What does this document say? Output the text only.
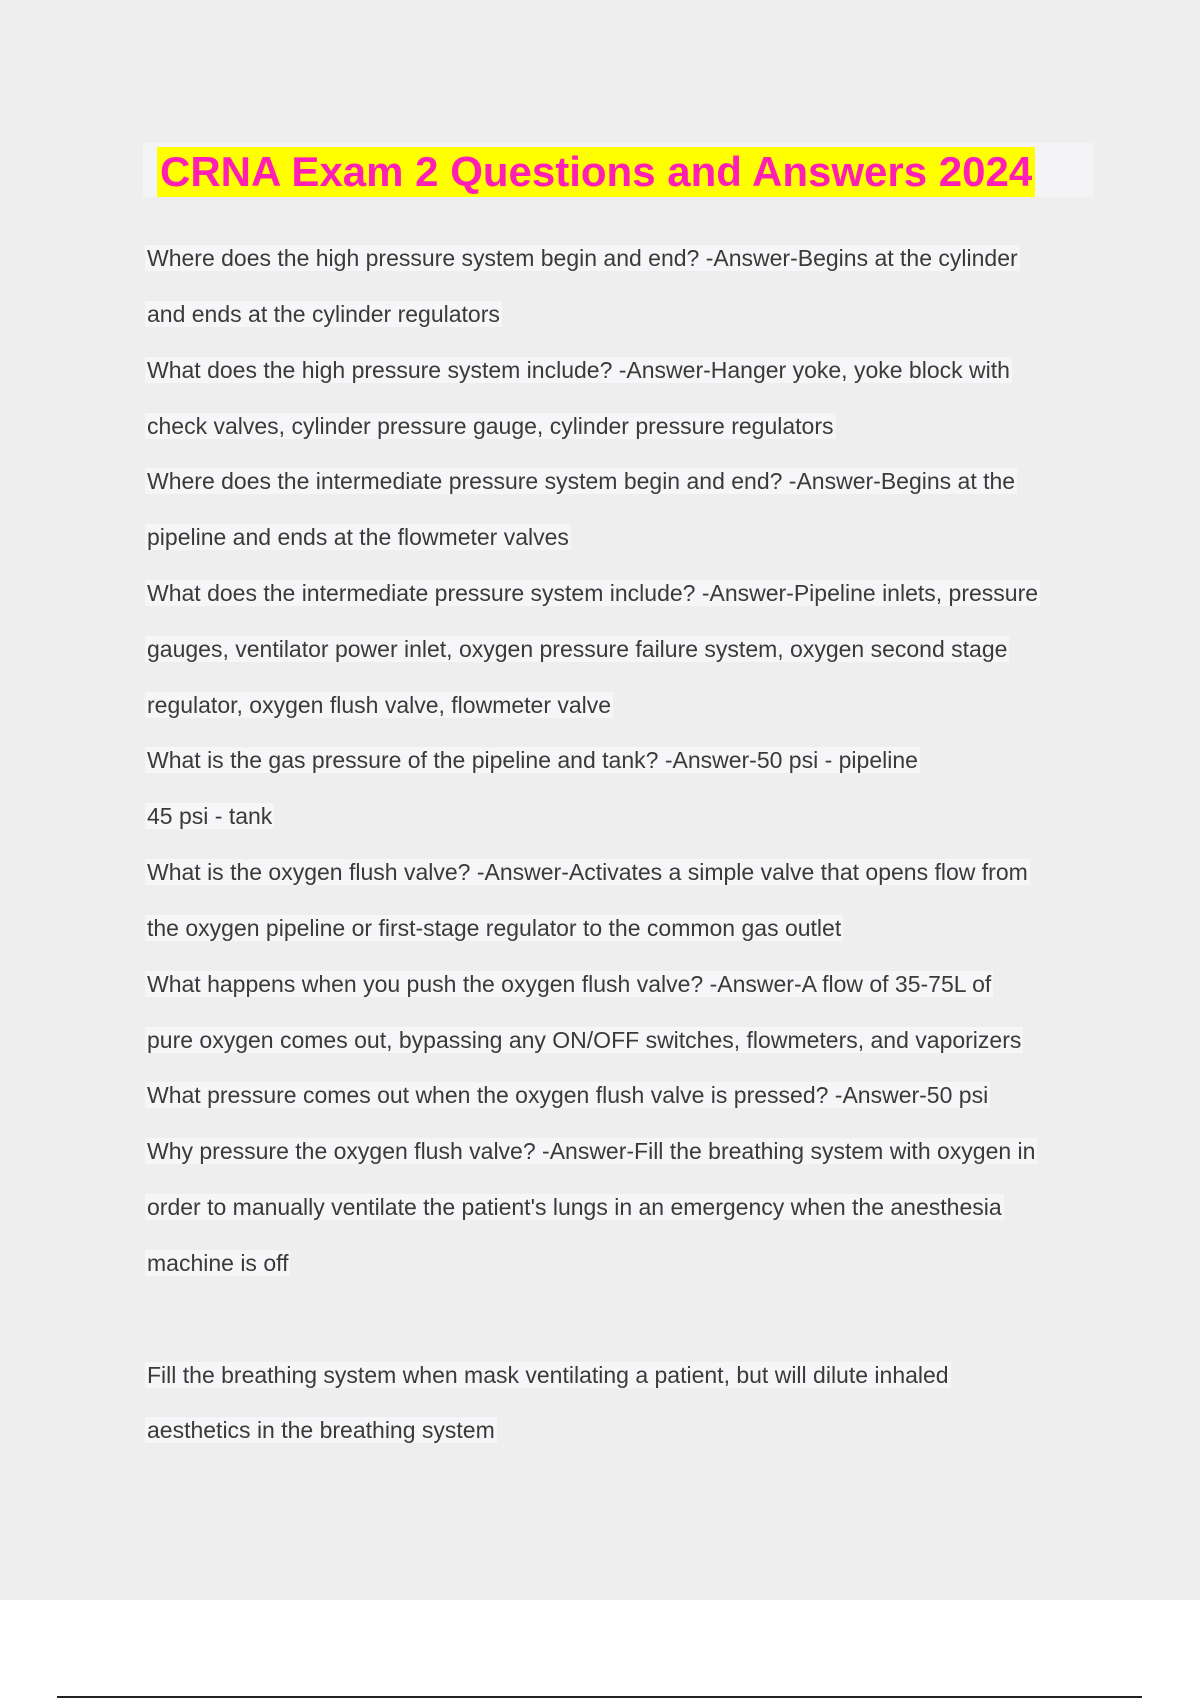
CRNA Exam 2 Questions and Answers 2024
Where does the high pressure system begin and end? -Answer-Begins at the cylinder
and ends at the cylinder regulators
What does the high pressure system include? -Answer-Hanger yoke, yoke block with
check valves, cylinder pressure gauge, cylinder pressure regulators
Where does the intermediate pressure system begin and end? -Answer-Begins at the
pipeline and ends at the flowmeter valves
What does the intermediate pressure system include? -Answer-Pipeline inlets, pressure
gauges, ventilator power inlet, oxygen pressure failure system, oxygen second stage
regulator, oxygen flush valve, flowmeter valve
What is the gas pressure of the pipeline and tank? -Answer-50 psi - pipeline
45 psi - tank
What is the oxygen flush valve? -Answer-Activates a simple valve that opens flow from
the oxygen pipeline or first-stage regulator to the common gas outlet
What happens when you push the oxygen flush valve? -Answer-A flow of 35-75L of
pure oxygen comes out, bypassing any ON/OFF switches, flowmeters, and vaporizers
What pressure comes out when the oxygen flush valve is pressed? -Answer-50 psi
Why pressure the oxygen flush valve? -Answer-Fill the breathing system with oxygen in
order to manually ventilate the patient's lungs in an emergency when the anesthesia
machine is off
Fill the breathing system when mask ventilating a patient, but will dilute inhaled
aesthetics in the breathing system
